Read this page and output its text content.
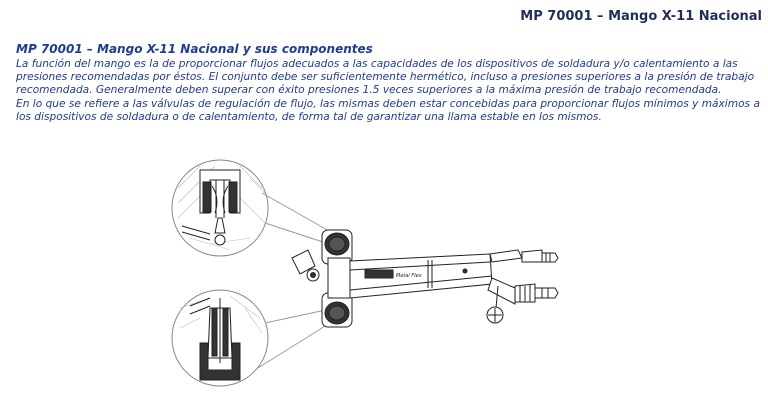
MP 70001 – Mango X-11 Nacional
MP 70001 – Mango X-11 Nacional y sus componentes

La función del mango es la de proporcionar flujos adecuados a las capacidades de los dispositivos de soldadura y/o calentamiento a las

presiones recomendadas por éstos. El conjunto debe ser suficientemente hermético, incluso a presiones superiores a la presión de trabajo

recomendada. Generalmente deben superar con éxito presiones 1.5 veces superiores a la máxima presión de trabajo recomendada.

En lo que se refiere a las válvulas de regulación de flujo, las mismas deben estar concebidas para proporcionar flujos mínimos y máximos a

los dispositivos de soldadura o de calentamiento, de forma tal de garantizar una llama estable en los mismos.

Metal Flex
